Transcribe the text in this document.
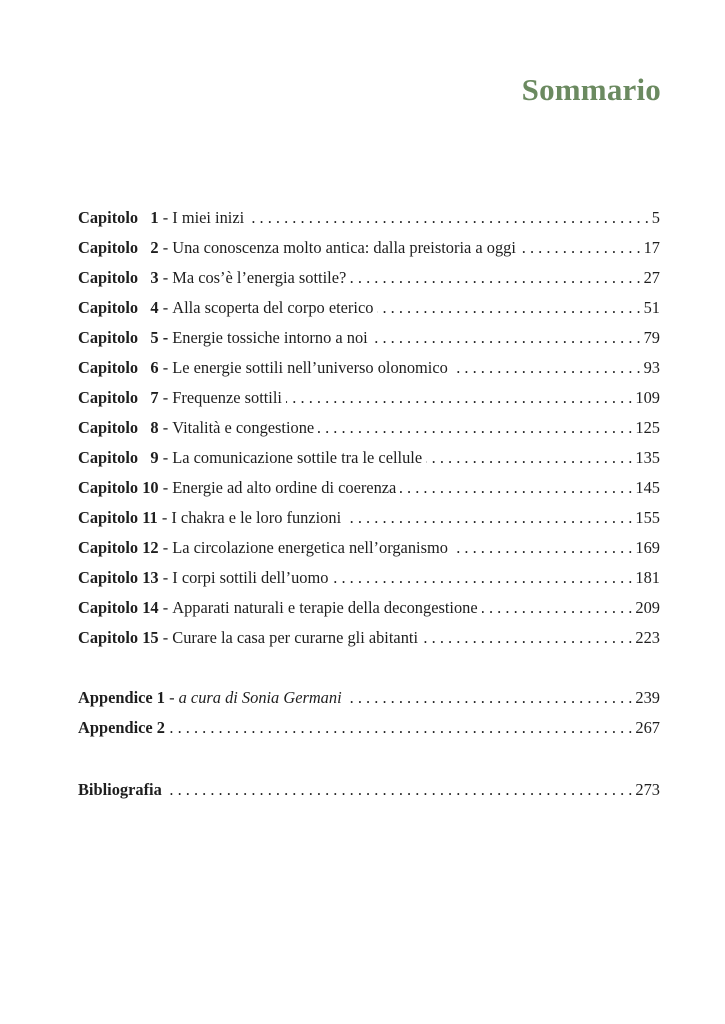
Sommario
Capitolo 1 - I miei inizi . . .	5
Capitolo 2 - Una conoscenza molto antica: dalla preistoria a oggi . . .	17
Capitolo 3 - Ma cos’è l’energia sottile? . . .	27
Capitolo 4 - Alla scoperta del corpo eterico . . .	51
Capitolo 5 - Energie tossiche intorno a noi . . .	79
Capitolo 6 - Le energie sottili nell’universo olonomico . . .	93
Capitolo 7 - Frequenze sottili . . .	109
Capitolo 8 - Vitalità e congestione . . .	125
Capitolo 9 - La comunicazione sottile tra le cellule . . .	135
Capitolo 10 - Energie ad alto ordine di coerenza . . .	145
Capitolo 11 - I chakra e le loro funzioni . . .	155
Capitolo 12 - La circolazione energetica nell’organismo . . .	169
Capitolo 13 - I corpi sottili dell’uomo . . .	181
Capitolo 14 - Apparati naturali e terapie della decongestione . . .	209
Capitolo 15 - Curare la casa per curarne gli abitanti . . .	223
Appendice 1 - a cura di Sonia Germani . . .	239
Appendice 2 . . .	267
Bibliografia . . .	273
